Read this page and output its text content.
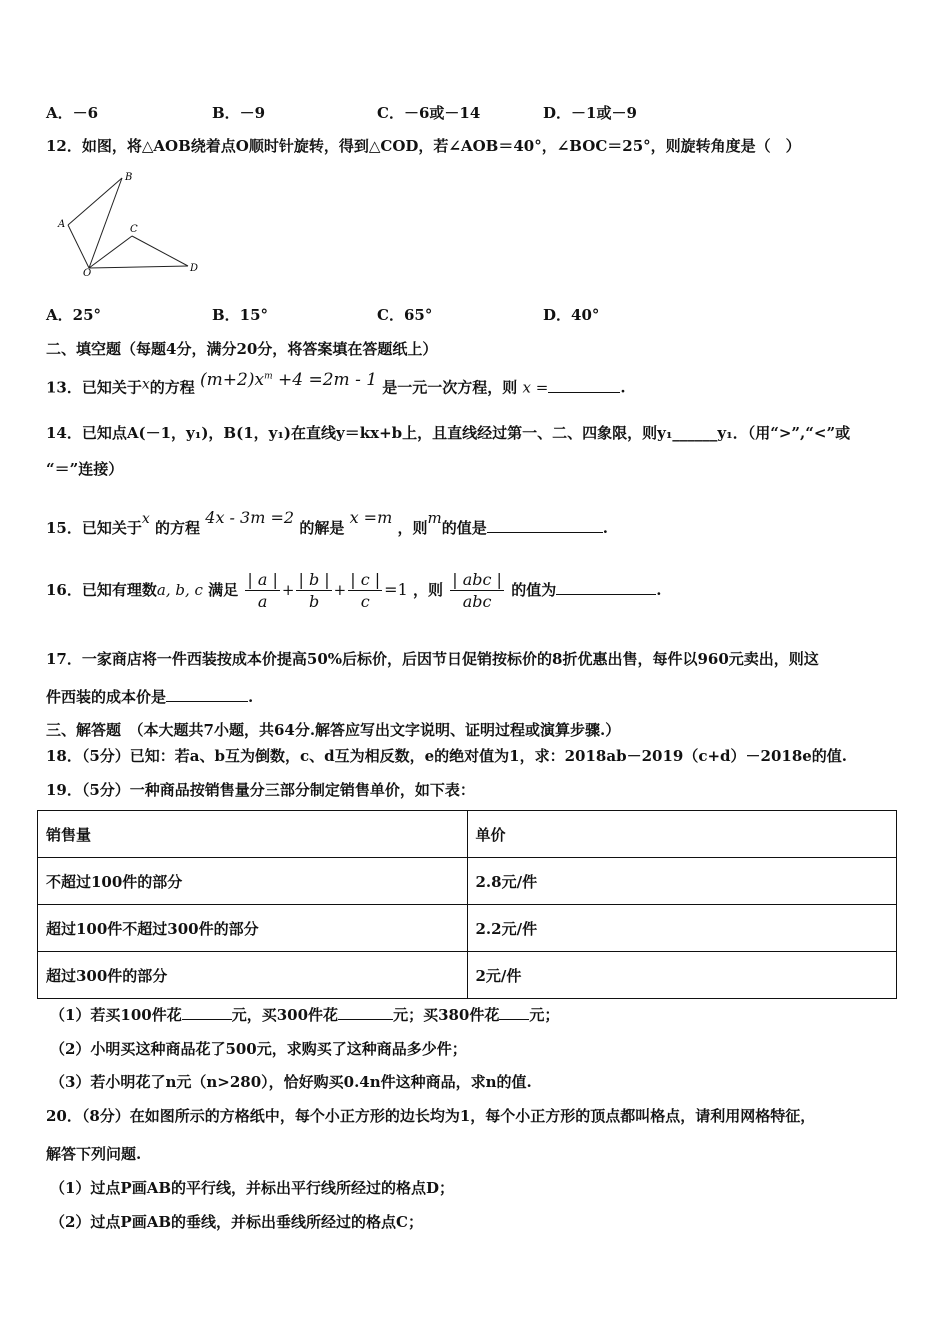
A．－6	B．－9	C．－6或－14	D．－1或－9
12．如图，将△AOB绕着点O顺时针旋转，得到△COD，若∠AOB＝40°，∠BOC＝25°，则旋转角度是（　）
B
A	C
O	D
A．25°	B．15°	C．65°	D．40°
二、填空题（每题4分，满分20分，将答案填在答题纸上）
13．已知关于x的方程 $(m+2)x^m +4 =2m - 1$ 是一元一次方程，则 x =	.
14．已知点A(－1，y₁)，B(1，y₁)在直线y＝kx+b上，且直线经过第一、二、四象限，则y₁______y₁．（用“>”,“<”或
“＝”连接）
15．已知关于x 的方程 4x - 3m =2 的解是 x =m ，则m的值是	.
16．已知有理数a, b, c 满足 $\frac{| a |}{a} + \frac{| b |}{b} + \frac{| c |}{c} =1$ ，则 $\frac{\text{| abc |}}{\text{abc}}$ 的值为	.
17．一家商店将一件西装按成本价提高50%后标价，后因节日促销按标价的8折优惠出售，每件以960元卖出，则这
件西装的成本价是	.
三、解答题　（本大题共7小题，共64分.解答应写出文字说明、证明过程或演算步骤.）
18．（5分）已知：若a、b互为倒数，c、d互为相反数，e的绝对值为1，求：2018ab－2019（c+d）－2018e的值.
19．（5分）一种商品按销售量分三部分制定销售单价，如下表：
销售量	单价
不超过100件的部分	2.8元/件
超过100件不超过300件的部分	2.2元/件
超过300件的部分	2元/件
（1）若买100件花	元，买300件花	元；买380件花 元；
（2）小明买这种商品花了500元，求购买了这种商品多少件；
（3）若小明花了n元（n>280），恰好购买0.4n件这种商品，求n的值.
20．（8分）在如图所示的方格纸中，每个小正方形的边长均为1，每个小正方形的顶点都叫格点，请利用网格特征，
解答下列问题.
（1）过点P画AB的平行线，并标出平行线所经过的格点D；
（2）过点P画AB的垂线，并标出垂线所经过的格点C；
